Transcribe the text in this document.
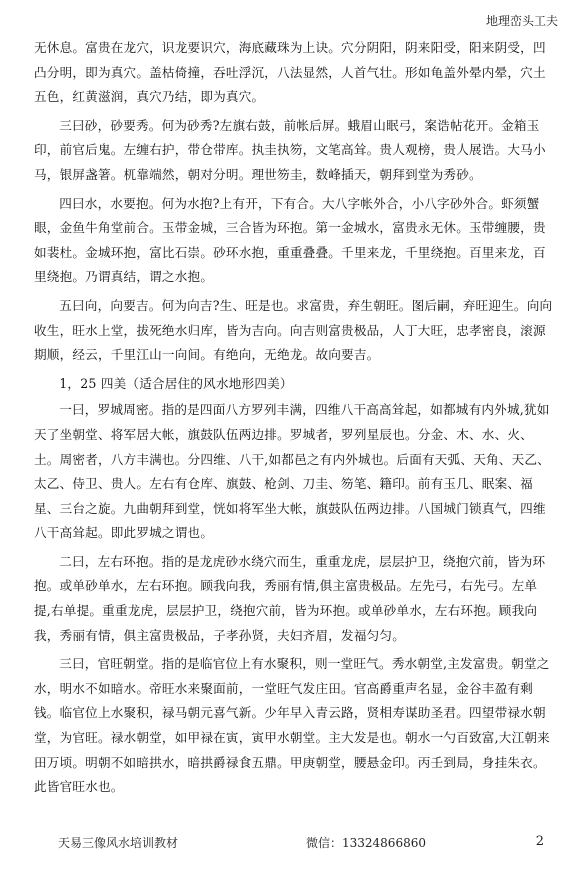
地理峦头工夫

无休息。富贵在龙穴，识龙要识穴，海底藏珠为上诀。穴分阴阳，阴来阳受，阳来阴受，凹凸分明，即为真穴。盖枯倚撞，吞吐浮沉，八法显然，人首气壮。形如龟盖外晕内晕，穴土五色，红黄滋润，真穴乃结，即为真穴。

三曰砂，砂要秀。何为砂秀?左旗右鼓，前帐后屏。蛾眉山眠弓，案诰帖花开。金箱玉印，前官后鬼。左缠右护，带仓带库。执圭执笏，文笔高耸。贵人观榜，贵人展诰。大马小马，银屏盏箸。杌靠端然，朝对分明。理世笏圭，数峰插天，朝拜到堂为秀砂。

四曰水，水要抱。何为水抱?上有开，下有合。大八字帐外合，小八字砂外合。虾须蟹眼，金鱼牛角堂前合。玉带金城，三合皆为环抱。第一金城水，富贵永无休。玉带缠腰，贵如裴杜。金城环抱，富比石崇。砂环水抱，重重叠叠。千里来龙，千里绕抱。百里来龙，百里绕抱。乃谓真结，谓之水抱。

五曰向，向要吉。何为向吉?生、旺是也。求富贵，弃生朝旺。图后嗣，弃旺迎生。向向收生，旺水上堂，拔死绝水归库，皆为吉向。向吉则富贵极品，人丁大旺，忠孝密良，滚源期顺，经云，千里江山一向间。有绝向，无绝龙。故向要吉。

1，25 四美（适合居住的风水地形四美）

一曰，罗城周密。指的是四面八方罗列丰满，四维八干高高耸起，如都城有内外城,犹如天了坐朝堂、将军居大帐，旗鼓队伍两边排。罗城者，罗列星辰也。分金、木、水、火、土。周密者，八方丰满也。分四维、八干,如都邑之有内外城也。后面有天弧、天角、天乙、太乙、侍卫、贵人。左右有仓库、旗鼓、枪剑、刀圭、笏笔、籍印。前有玉几、眠案、福星、三台之旋。九曲朝拜到堂，恍如将军坐大帐，旗鼓队伍两边排。八国城门锁真气，四维八干高耸起。即此罗城之谓也。

二曰，左右环抱。指的是龙虎砂水绕穴而生，重重龙虎，层层护卫，绕抱穴前，皆为环抱。或单砂单水，左右环抱。顾我向我，秀丽有情,俱主富贵极品。左先弓，右先弓。左单提,右单提。重重龙虎，层层护卫，绕抱穴前，皆为环抱。或单砂单水，左右环抱。顾我向我，秀丽有情，俱主富贵极品，子孝孙贤，夫妇齐眉，发福匀匀。

三曰，官旺朝堂。指的是临官位上有水聚积，则一堂旺气。秀水朝堂,主发富贵。朝堂之水，明水不如暗水。帝旺水来聚面前，一堂旺气发庄田。官高爵重声名显，金谷丰盈有剩钱。临官位上水聚积，禄马朝元喜气新。少年早入青云路，贤相寿谋助圣君。四望带禄水朝堂，为官旺。禄水朝堂，如甲禄在寅，寅甲水朝堂。主大发是也。朝水一勺百致富,大江朝来田万顷。明朝不如暗拱水，暗拱爵禄食五鼎。甲庚朝堂，腰悬金印。丙壬到局，身挂朱衣。此皆官旺水也。

天易三像风水培训教材	微信：13324866860	2
